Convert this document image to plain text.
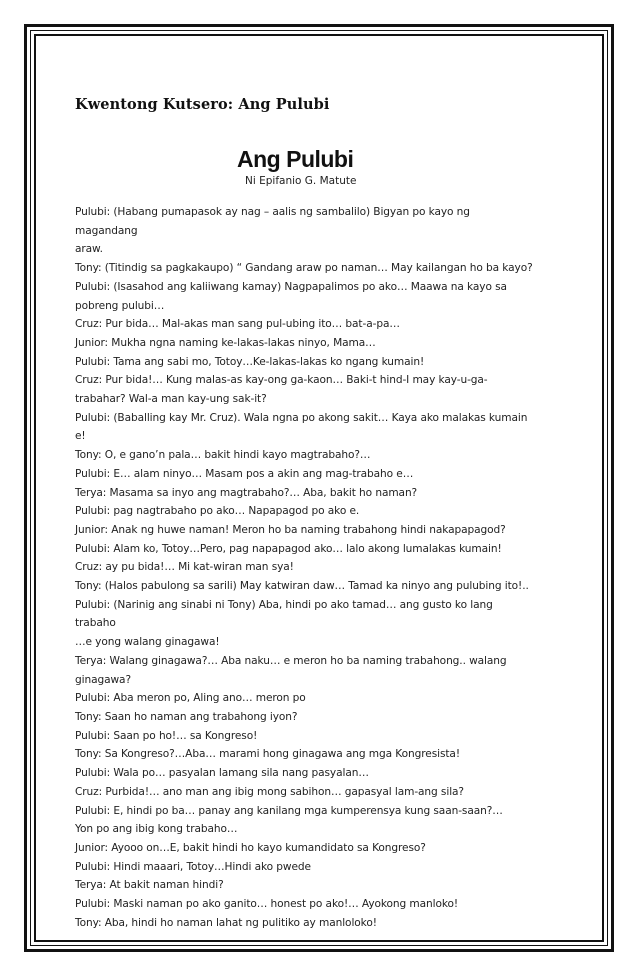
Kwentong Kutsero: Ang Pulubi
Ang Pulubi
Ni Epifanio G. Matute
Pulubi: (Habang pumapasok ay nag – aalis ng sambalilo) Bigyan po kayo ng
magandang
araw.
Tony: (Titindig sa pagkakaupo) “ Gandang araw po naman… May kailangan ho ba kayo?
Pulubi: (Isasahod ang kaliiwang kamay) Nagpapalimos po ako… Maawa na kayo sa
pobreng pulubi…
Cruz: Pur bida… Mal-akas man sang pul-ubing ito… bat-a-pa…
Junior: Mukha ngna naming ke-lakas-lakas ninyo, Mama…
Pulubi: Tama ang sabi mo, Totoy…Ke-lakas-lakas ko ngang kumain!
Cruz: Pur bida!… Kung malas-as kay-ong ga-kaon… Baki-t hind-I may kay-u-ga-
trabahar? Wal-a man kay-ung sak-it?
Pulubi: (Baballing kay Mr. Cruz). Wala ngna po akong sakit… Kaya ako malakas kumain
e!
Tony: O, e gano’n pala… bakit hindi kayo magtrabaho?…
Pulubi: E… alam ninyo… Masam pos a akin ang mag-trabaho e…
Terya: Masama sa inyo ang magtrabaho?… Aba, bakit ho naman?
Pulubi: pag nagtrabaho po ako… Napapagod po ako e.
Junior: Anak ng huwe naman! Meron ho ba naming trabahong hindi nakapapagod?
Pulubi: Alam ko, Totoy…Pero, pag napapagod ako… lalo akong lumalakas kumain!
Cruz: ay pu bida!… Mi kat-wiran man sya!
Tony: (Halos pabulong sa sarili) May katwiran daw… Tamad ka ninyo ang pulubing ito!..
Pulubi: (Narinig ang sinabi ni Tony) Aba, hindi po ako tamad… ang gusto ko lang
trabaho
…e yong walang ginagawa!
Terya: Walang ginagawa?… Aba naku… e meron ho ba naming trabahong.. walang
ginagawa?
Pulubi: Aba meron po, Aling ano… meron po
Tony: Saan ho naman ang trabahong iyon?
Pulubi: Saan po ho!… sa Kongreso!
Tony: Sa Kongreso?…Aba… marami hong ginagawa ang mga Kongresista!
Pulubi: Wala po… pasyalan lamang sila nang pasyalan…
Cruz: Purbida!… ano man ang ibig mong sabihon… gapasyal lam-ang sila?
Pulubi: E, hindi po ba… panay ang kanilang mga kumperensya kung saan-saan?…
Yon po ang ibig kong trabaho…
Junior: Ayooo on…E, bakit hindi ho kayo kumandidato sa Kongreso?
Pulubi: Hindi maaari, Totoy…Hindi ako pwede
Terya: At bakit naman hindi?
Pulubi: Maski naman po ako ganito… honest po ako!… Ayokong manloko!
Tony: Aba, hindi ho naman lahat ng pulitiko ay manloloko!
